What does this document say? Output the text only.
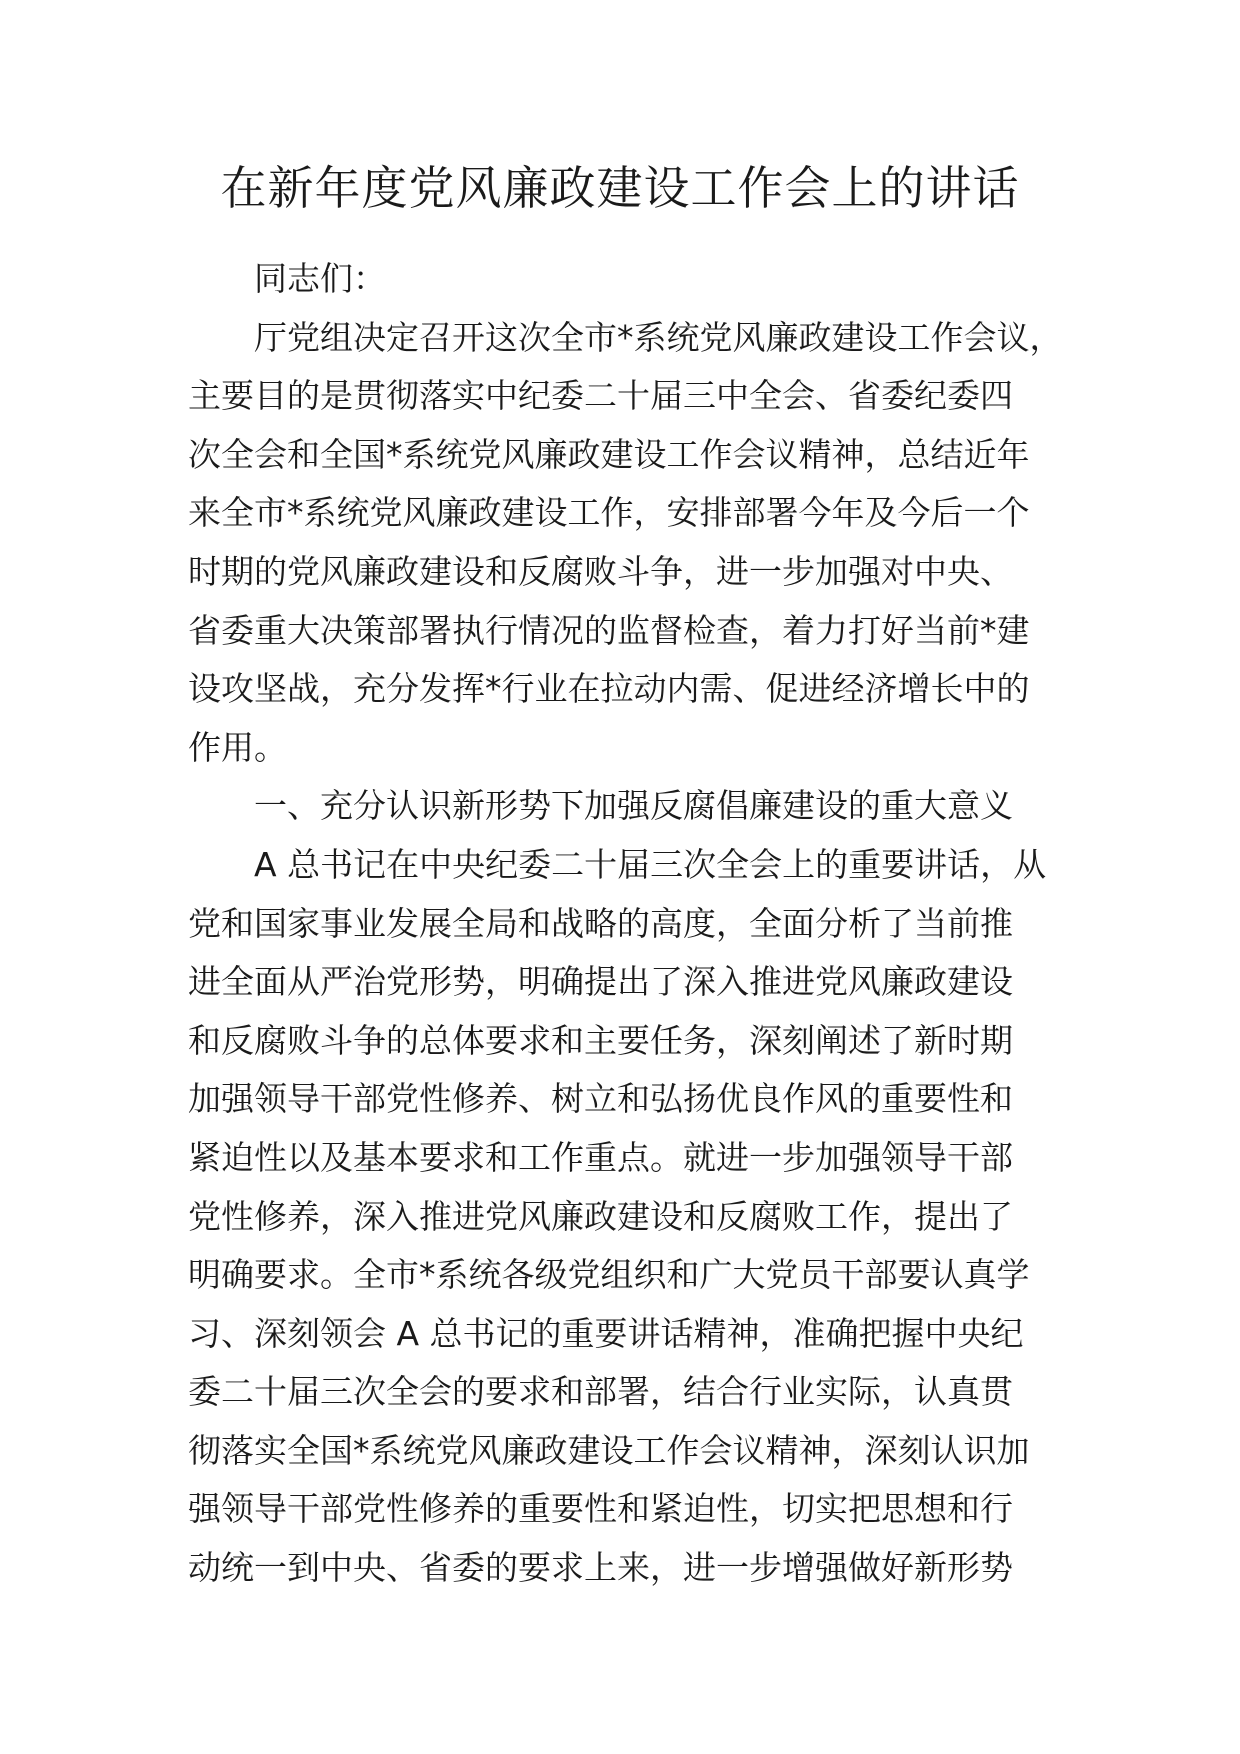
在新年度党风廉政建设工作会上的讲话
同志们：
厅党组决定召开这次全市*系统党风廉政建设工作会议，
主要目的是贯彻落实中纪委二十届三中全会、省委纪委四
次全会和全国*系统党风廉政建设工作会议精神，总结近年
来全市*系统党风廉政建设工作，安排部署今年及今后一个
时期的党风廉政建设和反腐败斗争，进一步加强对中央、
省委重大决策部署执行情况的监督检查，着力打好当前*建
设攻坚战，充分发挥*行业在拉动内需、促进经济增长中的
作用。
一、充分认识新形势下加强反腐倡廉建设的重大意义
A 总书记在中央纪委二十届三次全会上的重要讲话，从
党和国家事业发展全局和战略的高度，全面分析了当前推
进全面从严治党形势，明确提出了深入推进党风廉政建设
和反腐败斗争的总体要求和主要任务，深刻阐述了新时期
加强领导干部党性修养、树立和弘扬优良作风的重要性和
紧迫性以及基本要求和工作重点。就进一步加强领导干部
党性修养，深入推进党风廉政建设和反腐败工作，提出了
明确要求。全市*系统各级党组织和广大党员干部要认真学
习、深刻领会 A 总书记的重要讲话精神，准确把握中央纪
委二十届三次全会的要求和部署，结合行业实际，认真贯
彻落实全国*系统党风廉政建设工作会议精神，深刻认识加
强领导干部党性修养的重要性和紧迫性，切实把思想和行
动统一到中央、省委的要求上来，进一步增强做好新形势
